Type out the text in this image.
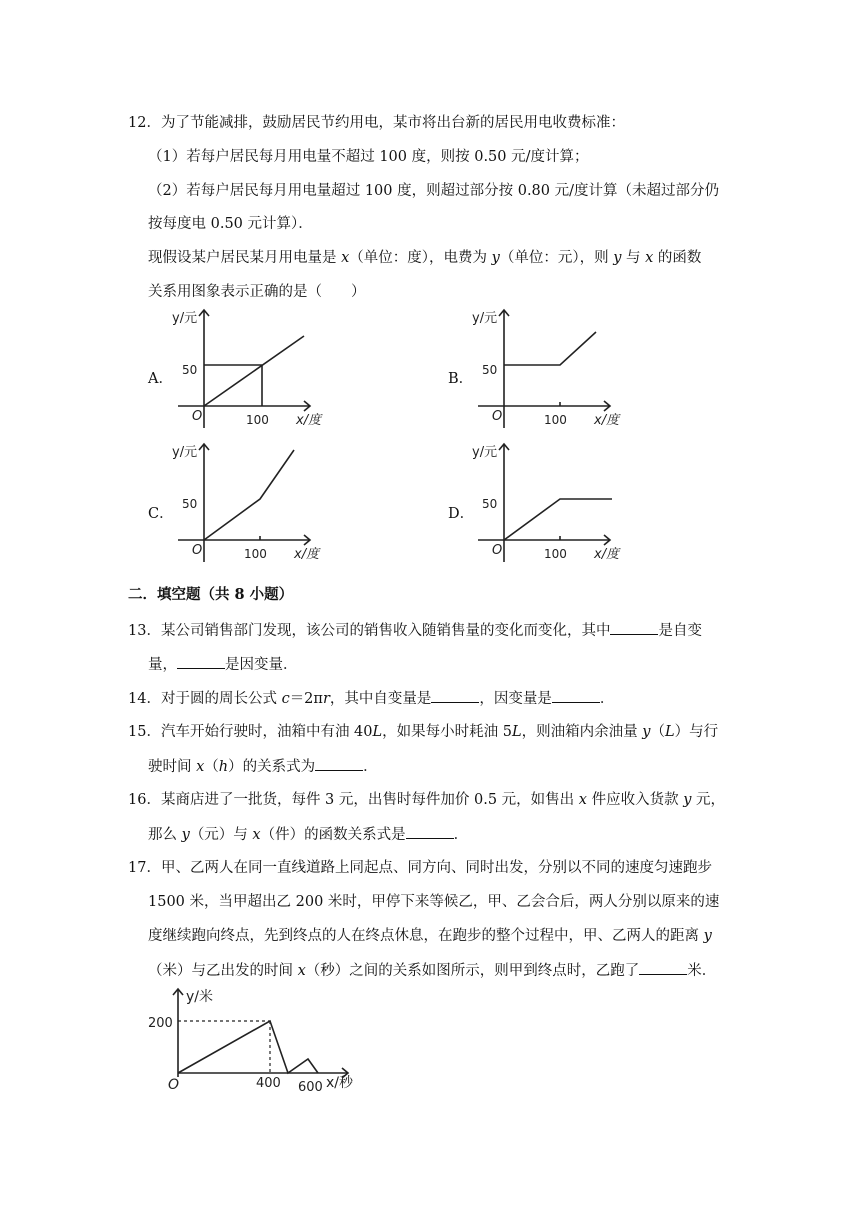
12．为了节能减排，鼓励居民节约用电，某市将出台新的居民用电收费标准：
（1）若每户居民每月用电量不超过 100 度，则按 0.50 元/度计算；
（2）若每户居民每月用电量超过 100 度，则超过部分按 0.80 元/度计算（未超过部分仍
按每度电 0.50 元计算）．
现假设某户居民某月用电量是 x（单位：度），电费为 y（单位：元），则 y 与 x 的函数
关系用图象表示正确的是（　　）
A．	B．
C．	D．
y/元
50
O	100 x/度
y/元
50
O	100 x/度
y/元
50
O	100 x/度
y/元
50
O	100 x/度
二．填空题（共 8 小题）
13．某公司销售部门发现，该公司的销售收入随销售量的变化而变化，其中	是自变
量，	是因变量．
14．对于圆的周长公式 c＝2πr，其中自变量是	，因变量是	．
15．汽车开始行驶时，油箱中有油 40L，如果每小时耗油 5L，则油箱内余油量 y（L）与行
驶时间 x（h）的关系式为	．
16．某商店进了一批货，每件 3 元，出售时每件加价 0.5 元，如售出 x 件应收入货款 y 元，
那么 y（元）与 x（件）的函数关系式是	．
17．甲、乙两人在同一直线道路上同起点、同方向、同时出发，分别以不同的速度匀速跑步
1500 米，当甲超出乙 200 米时，甲停下来等候乙，甲、乙会合后，两人分别以原来的速
度继续跑向终点，先到终点的人在终点休息，在跑步的整个过程中，甲、乙两人的距离 y
（米）与乙出发的时间 x（秒）之间的关系如图所示，则甲到终点时，乙跑了	米．
y/米
200
O	400 600 x/秒
